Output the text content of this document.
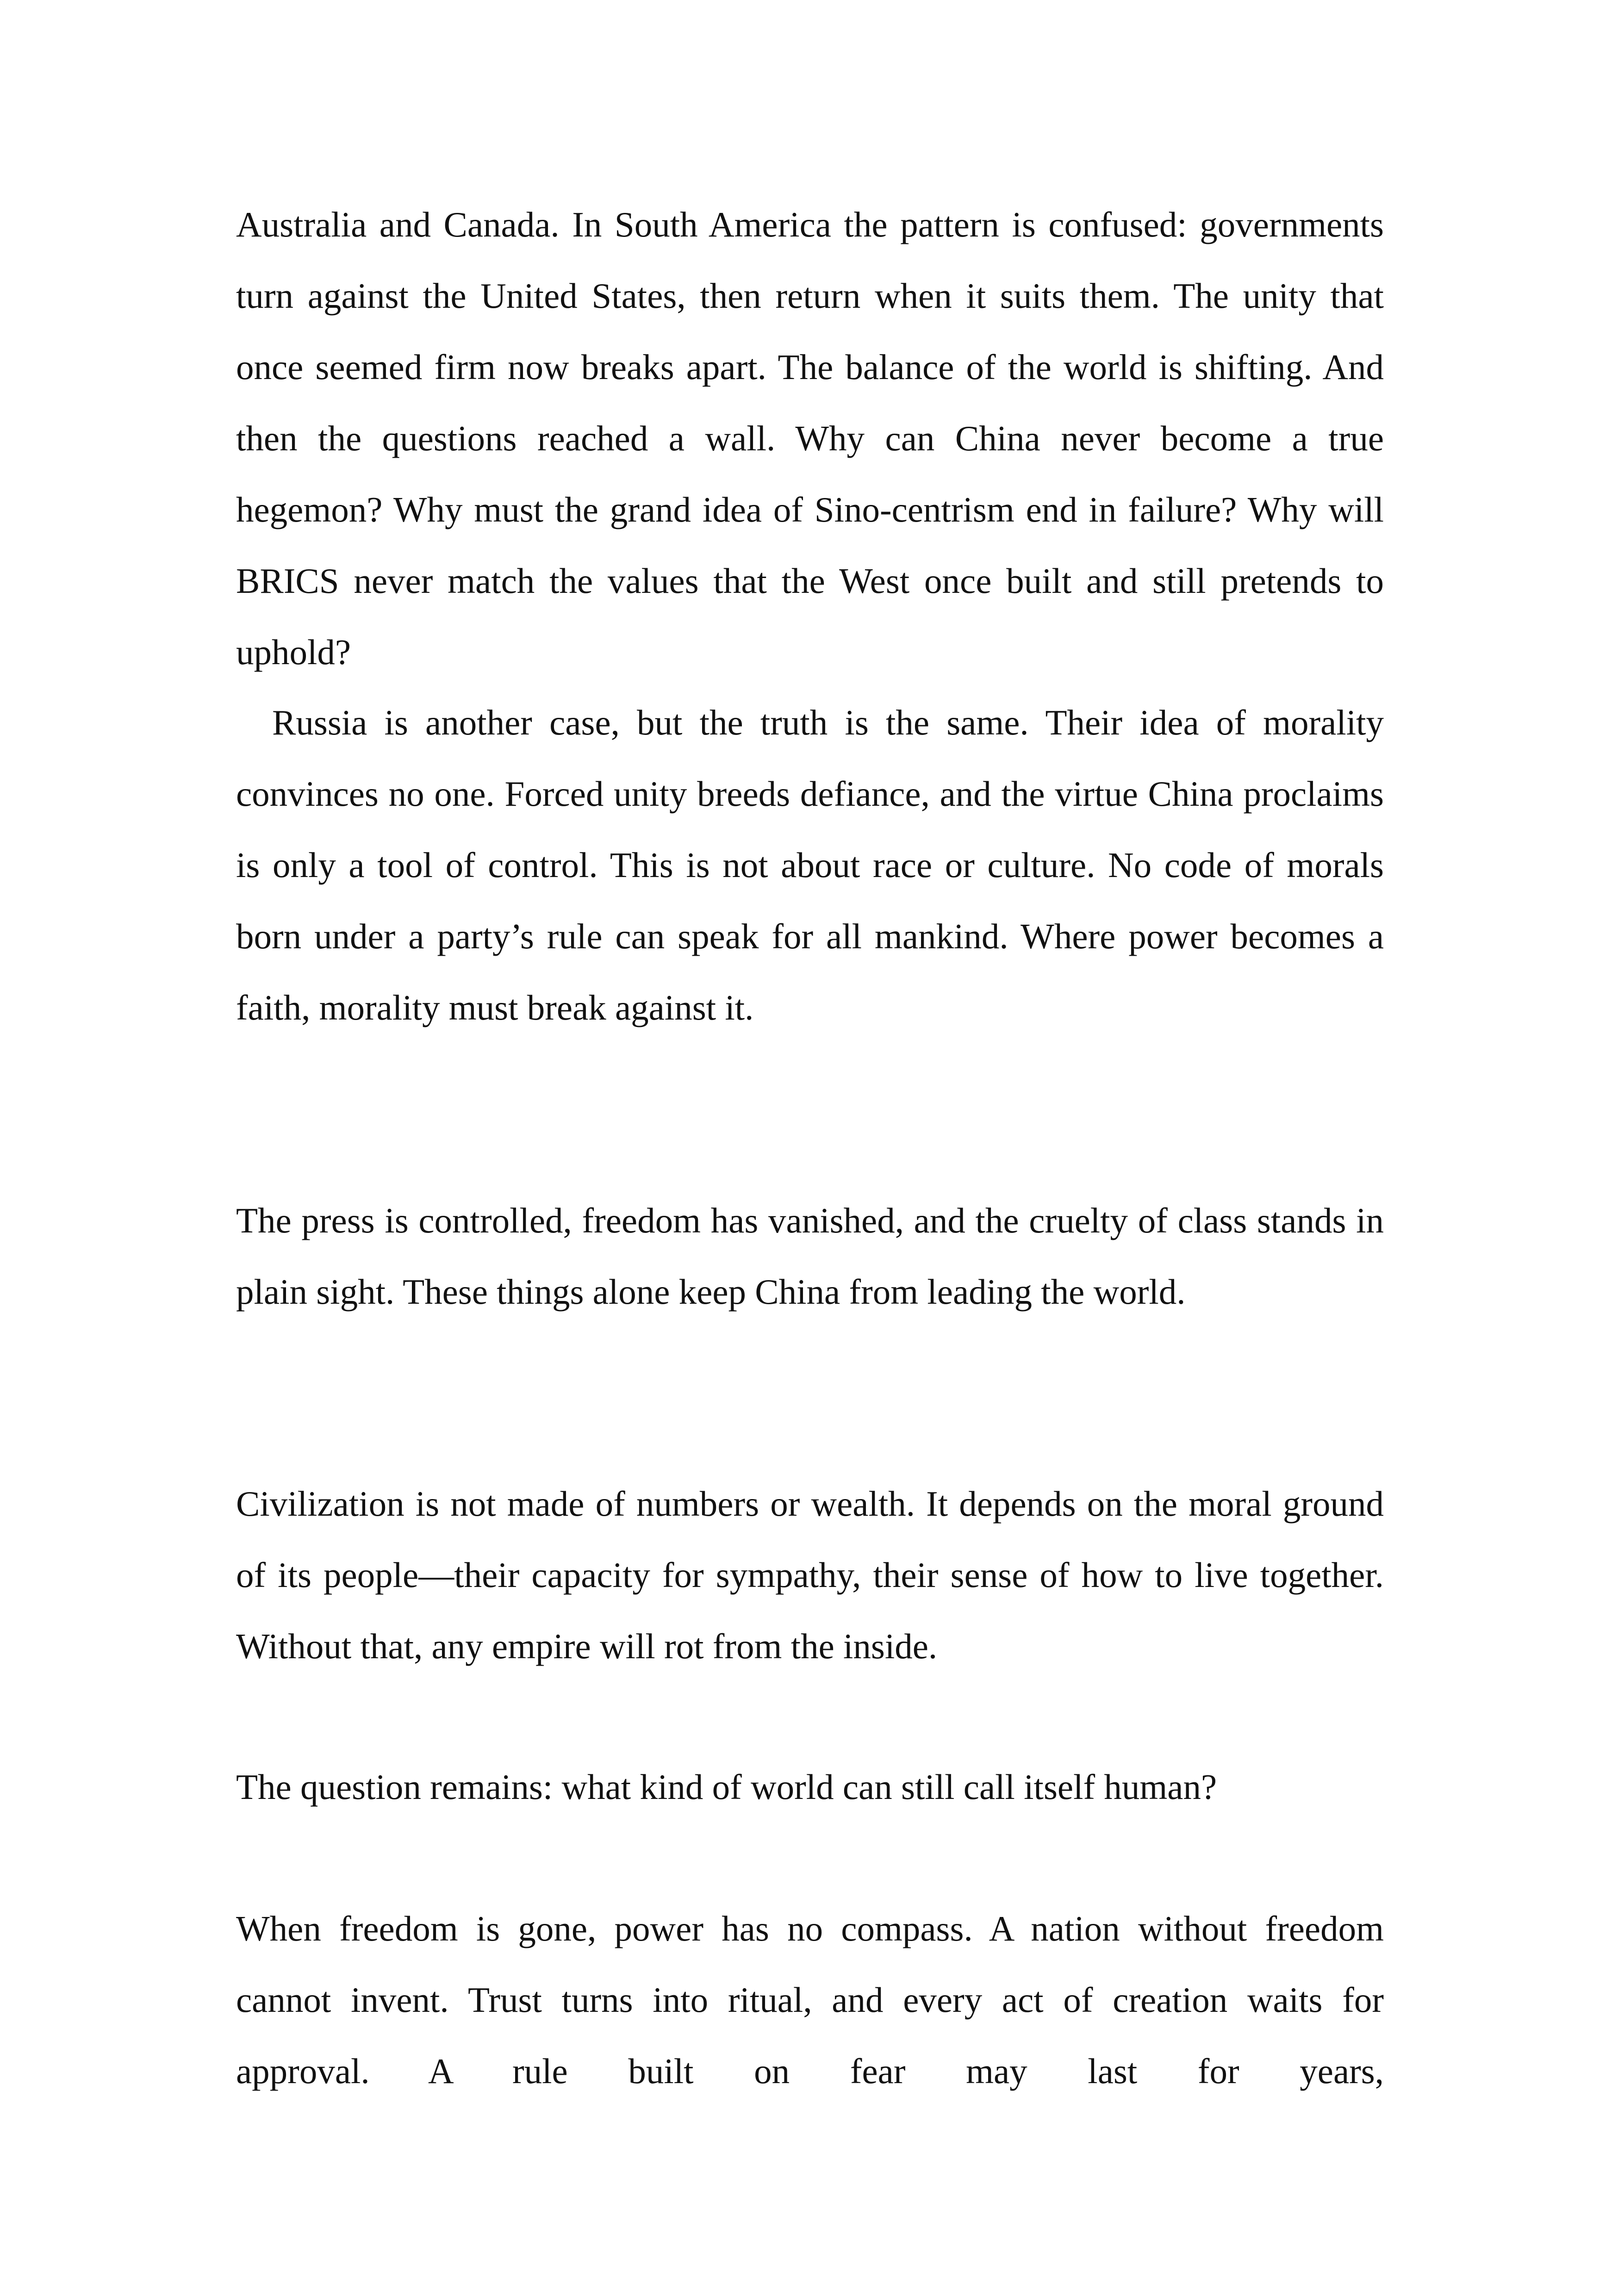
Australia and Canada. In South America the pattern is confused: governments turn against the United States, then return when it suits them. The unity that once seemed firm now breaks apart. The balance of the world is shifting. And then the questions reached a wall. Why can China never become a true hegemon? Why must the grand idea of Sino-centrism end in failure? Why will BRICS never match the values that the West once built and still pretends to uphold?

Russia is another case, but the truth is the same. Their idea of morality convinces no one. Forced unity breeds defiance, and the virtue China proclaims is only a tool of control. This is not about race or culture. No code of morals born under a party’s rule can speak for all mankind. Where power becomes a faith, morality must break against it.

The press is controlled, freedom has vanished, and the cruelty of class stands in plain sight. These things alone keep China from leading the world.

Civilization is not made of numbers or wealth. It depends on the moral ground of its people—their capacity for sympathy, their sense of how to live together. Without that, any empire will rot from the inside.

The question remains: what kind of world can still call itself human?

When freedom is gone, power has no compass. A nation without freedom cannot invent. Trust turns into ritual, and every act of creation waits for approval. A rule built on fear may last for years,
